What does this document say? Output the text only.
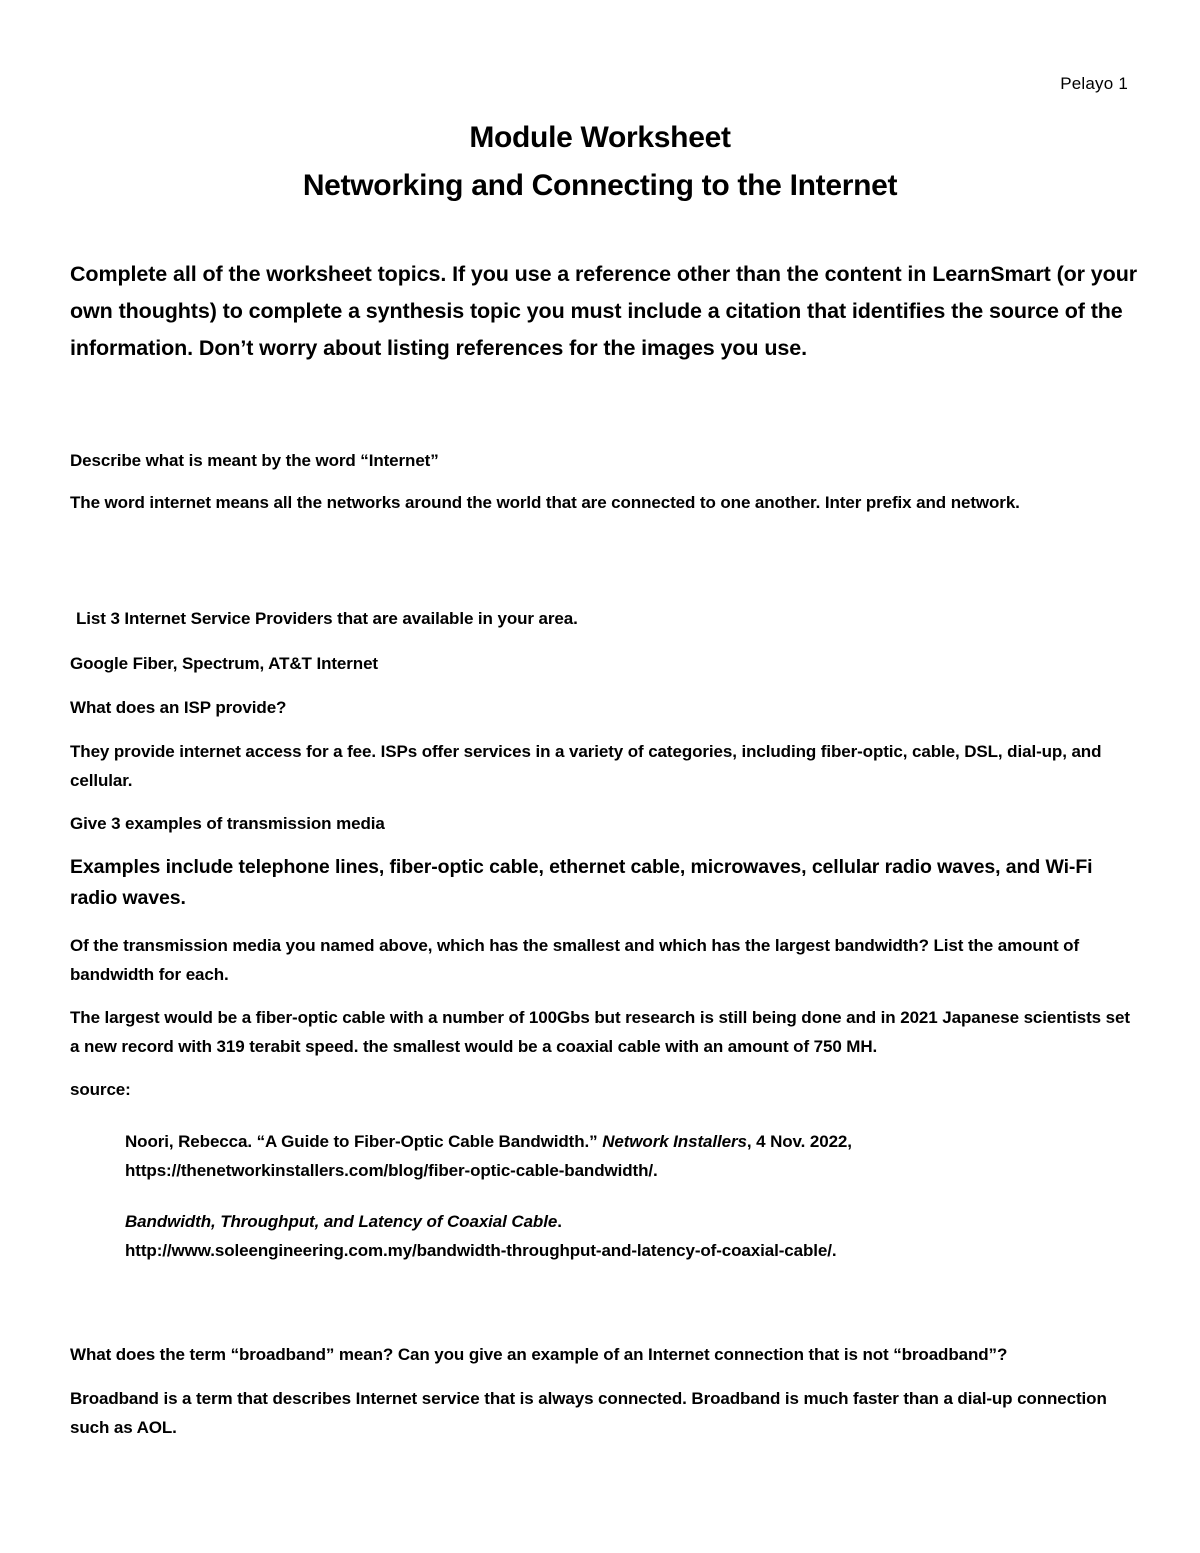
Pelayo 1
Module Worksheet
Networking and Connecting to the Internet
Complete all of the worksheet topics. If you use a reference other than the content in LearnSmart (or your own thoughts) to complete a synthesis topic you must include a citation that identifies the source of the information. Don’t worry about listing references for the images you use.
Describe what is meant by the word “Internet”
The word internet means all the networks around the world that are connected to one another. Inter prefix and network.
List 3 Internet Service Providers that are available in your area.
Google Fiber, Spectrum, AT&T Internet
What does an ISP provide?
They provide internet access for a fee. ISPs offer services in a variety of categories, including fiber-optic, cable, DSL, dial-up, and cellular.
Give 3 examples of transmission media
Examples include telephone lines, fiber-optic cable, ethernet cable, microwaves, cellular radio waves, and Wi-Fi radio waves.
Of the transmission media you named above, which has the smallest and which has the largest bandwidth? List the amount of bandwidth for each.
The largest would be a fiber-optic cable with a number of 100Gbs but research is still being done and in 2021 Japanese scientists set a new record with 319 terabit speed. the smallest would be a coaxial cable with an amount of 750 MH.
source:
Noori, Rebecca. “A Guide to Fiber-Optic Cable Bandwidth.” Network Installers, 4 Nov. 2022,
https://thenetworkinstallers.com/blog/fiber-optic-cable-bandwidth/.
Bandwidth, Throughput, and Latency of Coaxial Cable.
http://www.soleengineering.com.my/bandwidth-throughput-and-latency-of-coaxial-cable/.
What does the term “broadband” mean? Can you give an example of an Internet connection that is not “broadband”?
Broadband is a term that describes Internet service that is always connected. Broadband is much faster than a dial-up connection such as AOL.
